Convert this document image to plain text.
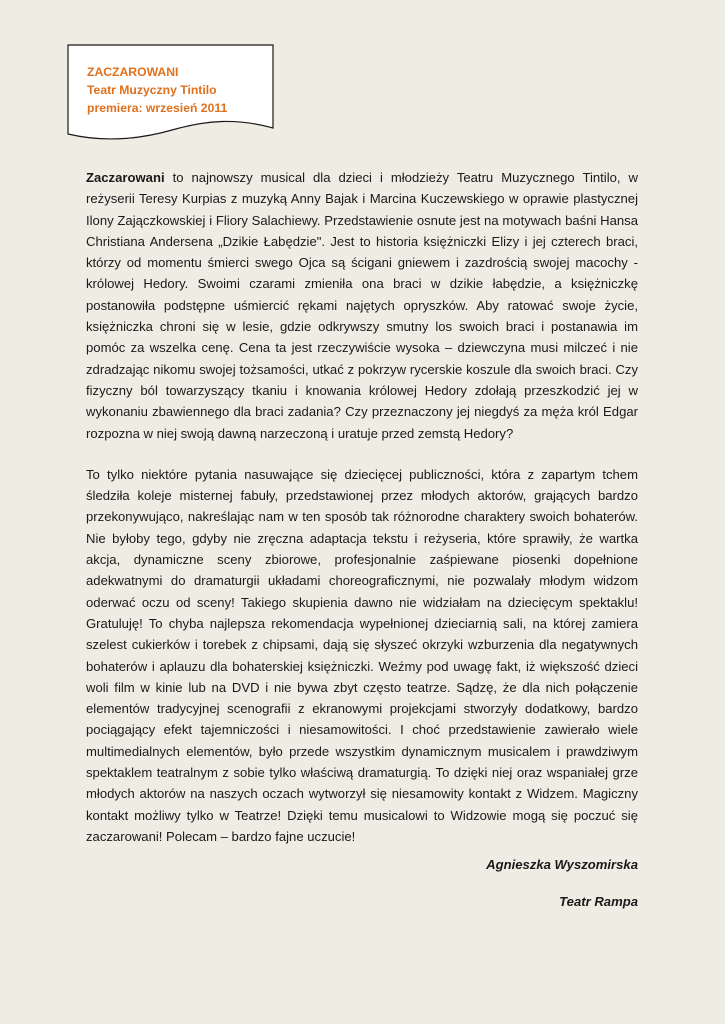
ZACZAROWANI
Teatr Muzyczny Tintilo
premiera: wrzesień 2011

Zaczarowani to najnowszy musical dla dzieci i młodzieży Teatru Muzycznego Tintilo, w reżyserii Teresy Kurpias z muzyką Anny Bajak i Marcina Kuczewskiego w oprawie plastycznej Ilony Zajączkowskiej i Fliory Salachiewy. Przedstawienie osnute jest na motywach baśni Hansa Christiana Andersena „Dzikie Łabędzie". Jest to historia księżniczki Elizy i jej czterech braci, którzy od momentu śmierci swego Ojca są ścigani gniewem i zazdrością swojej macochy - królowej Hedory. Swoimi czarami zmieniła ona braci w dzikie łabędzie, a księżniczkę postanowiła podstępne uśmiercić rękami najętych opryszków. Aby ratować swoje życie, księżniczka chroni się w lesie, gdzie odkrywszy smutny los swoich braci i postanawia im pomóc za wszelka cenę. Cena ta jest rzeczywiście wysoka – dziewczyna musi milczeć i nie zdradzając nikomu swojej tożsamości, utkać z pokrzyw rycerskie koszule dla swoich braci. Czy fizyczny ból towarzyszący tkaniu i knowania królowej Hedory zdołają przeszkodzić jej w wykonaniu zbawiennego dla braci zadania? Czy przeznaczony jej niegdyś za męża król Edgar rozpozna w niej swoją dawną narzeczoną i uratuje przed zemstą Hedory?

To tylko niektóre pytania nasuwające się dziecięcej publiczności, która z zapartym tchem śledziła koleje misternej fabuły, przedstawionej przez młodych aktorów, grających bardzo przekonywująco, nakreślając nam w ten sposób tak różnorodne charaktery swoich bohaterów. Nie byłoby tego, gdyby nie zręczna adaptacja tekstu i reżyseria, które sprawiły, że wartka akcja, dynamiczne sceny zbiorowe, profesjonalnie zaśpiewane piosenki dopełnione adekwatnymi do dramaturgii układami choreograficznymi, nie pozwalały młodym widzom oderwać oczu od sceny! Takiego skupienia dawno nie widziałam na dziecięcym spektaklu! Gratuluję! To chyba najlepsza rekomendacja wypełnionej dzieciarnią sali, na której zamiera szelest cukierków i torebek z chipsami, dają się słyszeć okrzyki wzburzenia dla negatywnych bohaterów i aplauzu dla bohaterskiej księżniczki. Weźmy pod uwagę fakt, iż większość dzieci woli film w kinie lub na DVD i nie bywa zbyt często teatrze. Sądzę, że dla nich połączenie elementów tradycyjnej scenografii z ekranowymi projekcjami stworzyły dodatkowy, bardzo pociągający efekt tajemniczości i niesamowitości. I choć przedstawienie zawierało wiele multimedialnych elementów, było przede wszystkim dynamicznym musicalem i prawdziwym spektaklem teatralnym z sobie tylko właściwą dramaturgią. To dzięki niej oraz wspaniałej grze młodych aktorów na naszych oczach wytworzył się niesamowity kontakt z Widzem. Magiczny kontakt możliwy tylko w Teatrze! Dzięki temu musicalowi to Widzowie mogą się poczuć się zaczarowani! Polecam – bardzo fajne uczucie!

Agnieszka Wyszomirska
Teatr Rampa
